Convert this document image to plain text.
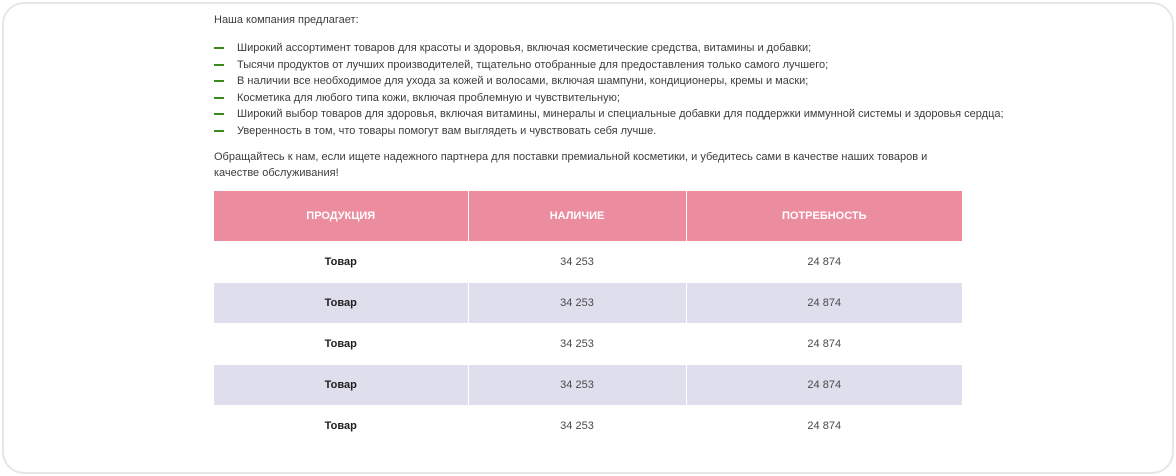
Наша компания предлагает:

Широкий ассортимент товаров для красоты и здоровья, включая косметические средства, витамины и добавки;
Тысячи продуктов от лучших производителей, тщательно отобранные для предоставления только самого лучшего;
В наличии все необходимое для ухода за кожей и волосами, включая шампуни, кондиционеры, кремы и маски;
Косметика для любого типа кожи, включая проблемную и чувствительную;
Широкий выбор товаров для здоровья, включая витамины, минералы и специальные добавки для поддержки иммунной системы и здоровья сердца;
Уверенность в том, что товары помогут вам выглядеть и чувствовать себя лучше.

Обращайтесь к нам, если ищете надежного партнера для поставки премиальной косметики, и убедитесь сами в качестве наших товаров и качестве обслуживания!

ПРОДУКЦИЯ	НАЛИЧИЕ	ПОТРЕБНОСТЬ
Товар	34 253	24 874
Товар	34 253	24 874
Товар	34 253	24 874
Товар	34 253	24 874
Товар	34 253	24 874
